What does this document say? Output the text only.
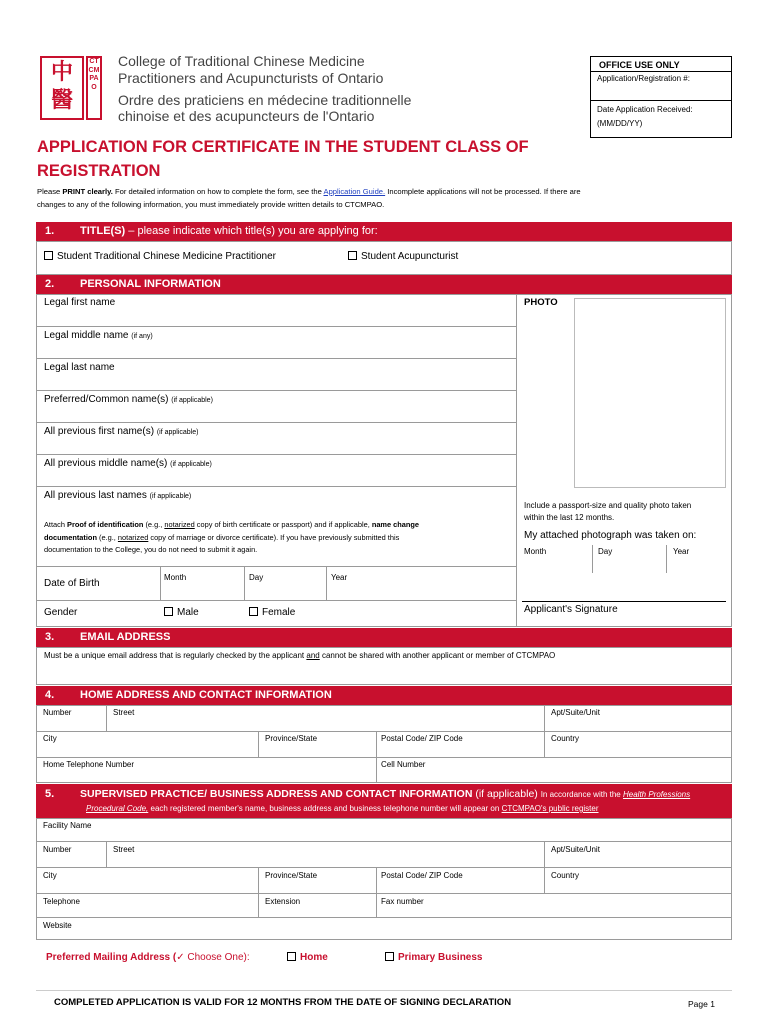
中醫
CTCMPAO
College of Traditional Chinese Medicine
Practitioners and Acupuncturists of Ontario
Ordre des praticiens en médecine traditionnelle
chinoise et des acupuncteurs de l'Ontario
OFFICE USE ONLY
Application/Registration #:
Date Application Received:
(MM/DD/YY)
APPLICATION FOR CERTIFICATE IN THE STUDENT CLASS OF
REGISTRATION
Please PRINT clearly. For detailed information on how to complete the form, see the Application Guide. Incomplete applications will not be processed. If there are
changes to any of the following information, you must immediately provide written details to CTCMPAO.
1. TITLE(S) – please indicate which title(s) you are applying for:
Student Traditional Chinese Medicine Practitioner	Student Acupuncturist
2. PERSONAL INFORMATION
Legal first name
Legal middle name (if any)
Legal last name
Preferred/Common name(s) (if applicable)
All previous first name(s) (if applicable)
All previous middle name(s) (if applicable)
All previous last names (if applicable)
Attach Proof of identification (e.g., notarized copy of birth certificate or passport) and if applicable, name change
documentation (e.g., notarized copy of marriage or divorce certificate). If you have previously submitted this
documentation to the College, you do not need to submit it again.
Date of Birth
Month	Day	Year
Gender	Male	Female
PHOTO
Include a passport-size and quality photo taken
within the last 12 months.
My attached photograph was taken on:
Month	Day	Year
Applicant's Signature
3. EMAIL ADDRESS
Must be a unique email address that is regularly checked by the applicant and cannot be shared with another applicant or member of CTCMPAO
4. HOME ADDRESS AND CONTACT INFORMATION
Number	Street	Apt/Suite/Unit
City	Province/State	Postal Code/ ZIP Code	Country
Home Telephone Number	Cell Number
5. SUPERVISED PRACTICE/ BUSINESS ADDRESS AND CONTACT INFORMATION (if applicable) In accordance with the Health Professions
Procedural Code, each registered member's name, business address and business telephone number will appear on CTCMPAO's public register
Facility Name
Number	Street	Apt/Suite/Unit
City	Province/State	Postal Code/ ZIP Code	Country
Telephone	Extension	Fax number
Website
Preferred Mailing Address (✓ Choose One):	Home	Primary Business
COMPLETED APPLICATION IS VALID FOR 12 MONTHS FROM THE DATE OF SIGNING DECLARATION	Page 1
